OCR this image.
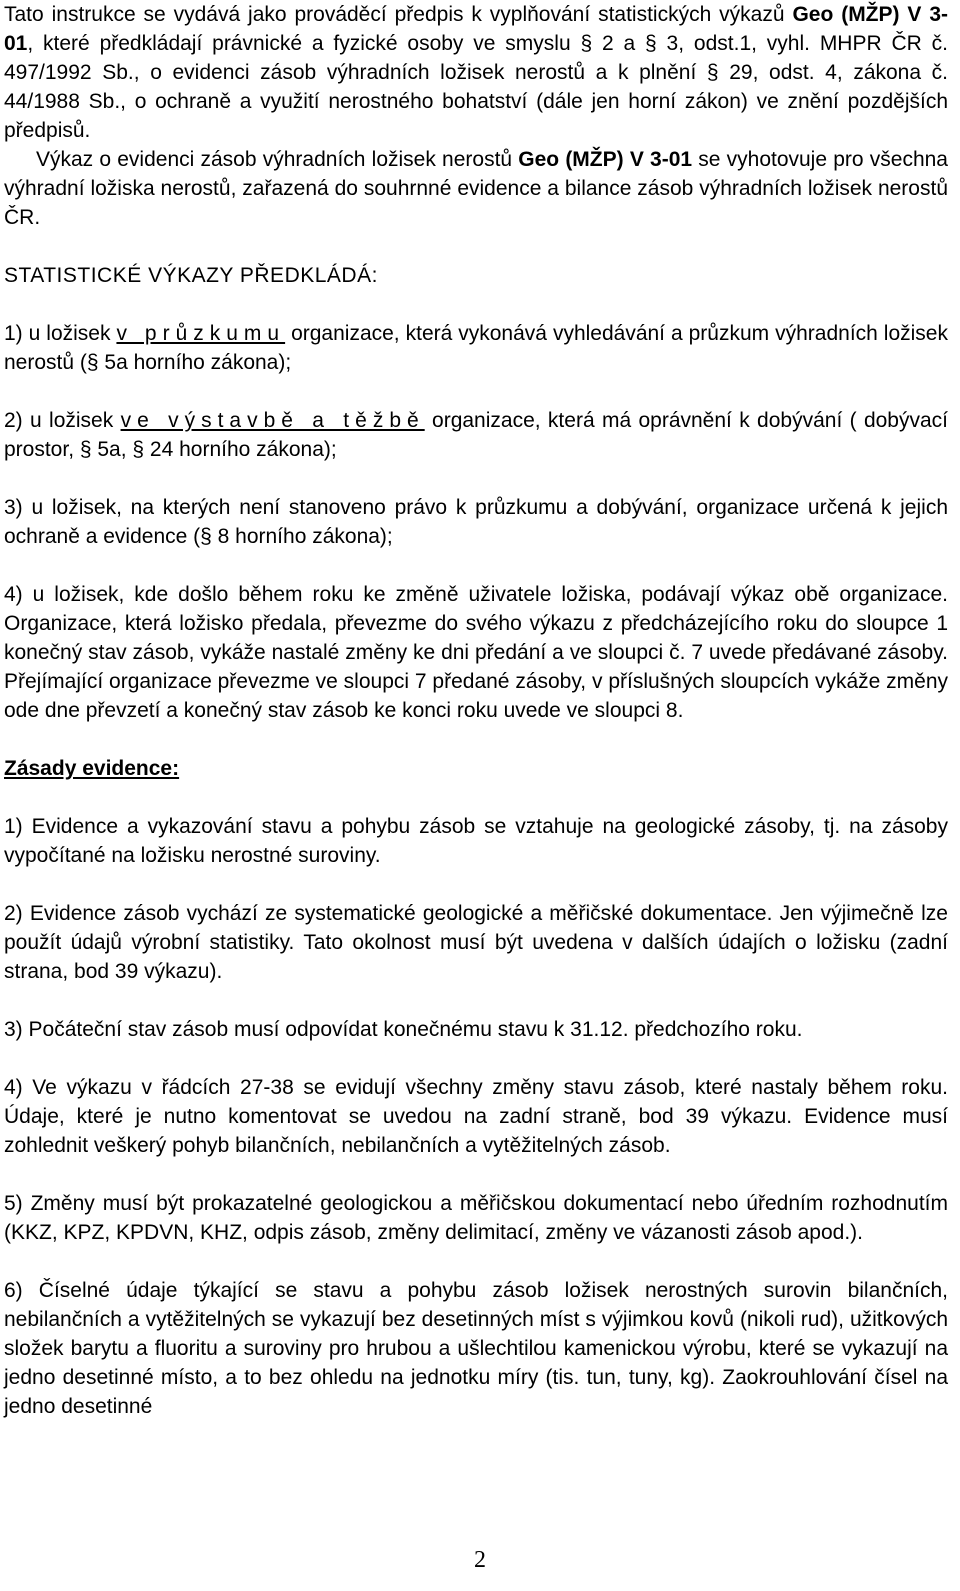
Tato instrukce se vydává jako prováděcí předpis k vyplňování statistických výkazů Geo (MŽP) V 3-01, které předkládají právnické a fyzické osoby ve smyslu § 2 a § 3, odst.1, vyhl. MHPR ČR č. 497/1992 Sb., o evidenci zásob výhradních ložisek nerostů a k plnění § 29, odst. 4, zákona č. 44/1988 Sb., o ochraně a využití nerostného bohatství (dále jen horní zákon) ve znění pozdějších předpisů.

Výkaz o evidenci zásob výhradních ložisek nerostů Geo (MŽP) V 3-01 se vyhotovuje pro všechna výhradní ložiska nerostů, zařazená do souhrnné evidence a bilance zásob výhradních ložisek nerostů ČR.

STATISTICKÉ VÝKAZY PŘEDKLÁDÁ:

1) u ložisek v průzkumu organizace, která vykonává vyhledávání a průzkum výhradních ložisek nerostů (§ 5a horního zákona);

2) u ložisek ve výstavbě a těžbě organizace, která má oprávnění k dobývání ( dobývací prostor, § 5a, § 24 horního zákona);

3) u ložisek, na kterých není stanoveno právo k průzkumu a dobývání, organizace určená k jejich ochraně a evidence (§ 8 horního zákona);

4) u ložisek, kde došlo během roku ke změně uživatele ložiska, podávají výkaz obě organizace. Organizace, která ložisko předala, převezme do svého výkazu z předcházejícího roku do sloupce 1 konečný stav zásob, vykáže nastalé změny ke dni předání a ve sloupci č. 7 uvede předávané zásoby. Přejímající organizace převezme ve sloupci 7 předané zásoby, v příslušných sloupcích vykáže změny ode dne převzetí a konečný stav zásob ke konci roku uvede ve sloupci 8.

Zásady evidence:

1) Evidence a vykazování stavu a pohybu zásob se vztahuje na geologické zásoby, tj. na zásoby vypočítané na ložisku nerostné suroviny.

2) Evidence zásob vychází ze systematické geologické a měřičské dokumentace. Jen výjimečně lze použít údajů výrobní statistiky. Tato okolnost musí být uvedena v dalších údajích o ložisku (zadní strana, bod 39 výkazu).

3) Počáteční stav zásob musí odpovídat konečnému stavu k 31.12. předchozího roku.

4) Ve výkazu v řádcích 27-38 se evidují všechny změny stavu zásob, které nastaly během roku. Údaje, které je nutno komentovat se uvedou na zadní straně, bod 39 výkazu. Evidence musí zohlednit veškerý pohyb bilančních, nebilančních a vytěžitelných zásob.

5) Změny musí být prokazatelné geologickou a měřičskou dokumentací nebo úředním rozhodnutím (KKZ, KPZ, KPDVN, KHZ, odpis zásob, změny delimitací, změny ve vázanosti zásob apod.).

6) Číselné údaje týkající se stavu a pohybu zásob ložisek nerostných surovin bilančních, nebilančních a vytěžitelných se vykazují bez desetinných míst s výjimkou kovů (nikoli rud), užitkových složek barytu a fluoritu a suroviny pro hrubou a ušlechtilou kamenickou výrobu, které se vykazují na jedno desetinné místo, a to bez ohledu na jednotku míry (tis. tun, tuny, kg). Zaokrouhlování čísel na jedno desetinné

2
